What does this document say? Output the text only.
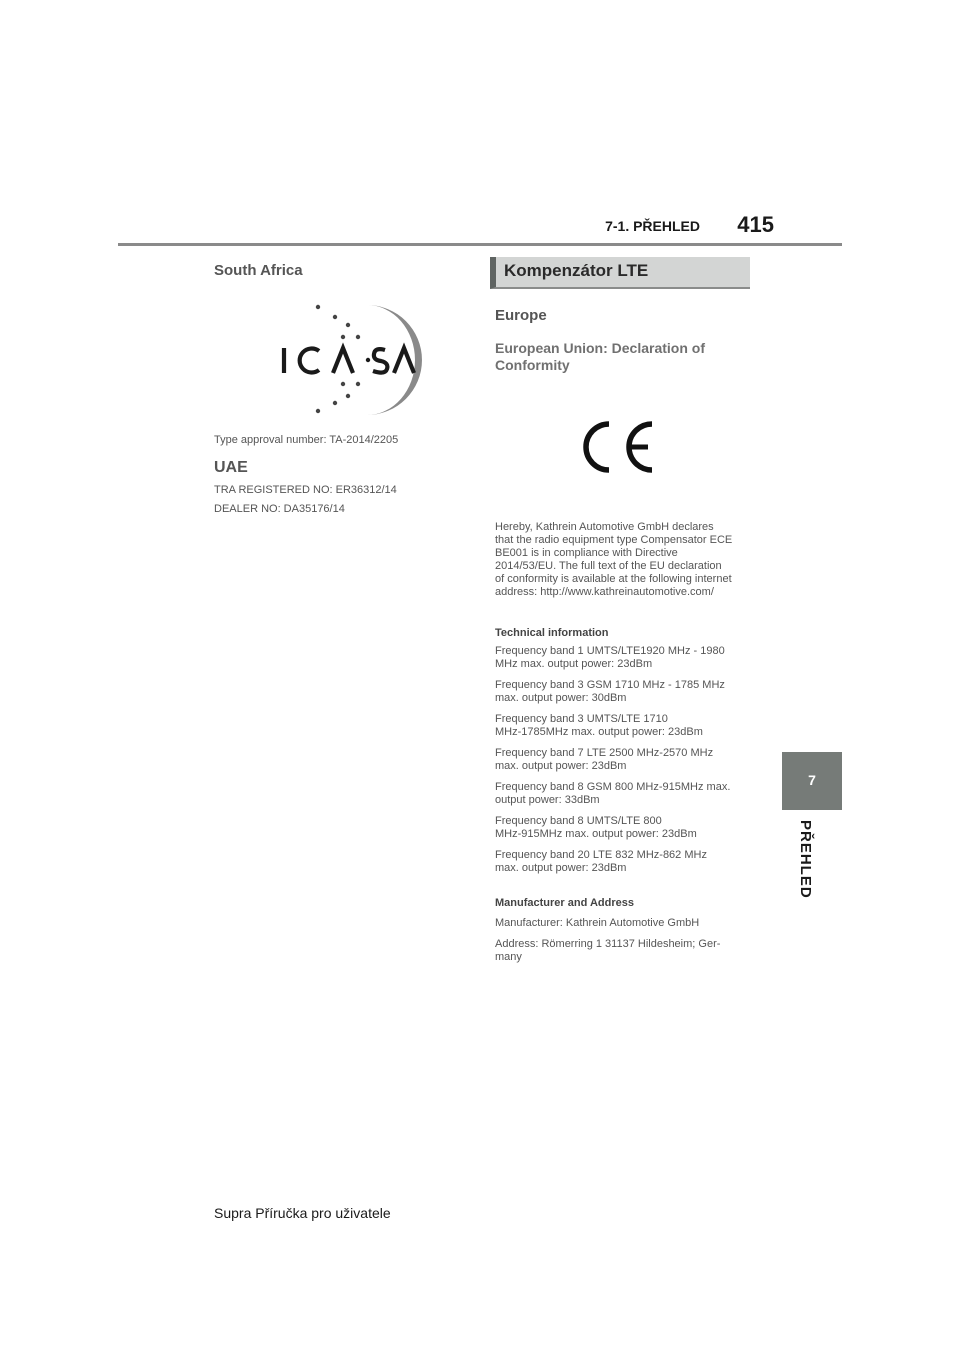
7-1. PŘEHLED	415
7
PŘEHLED
South Africa
Type approval number: TA-2014/2205
UAE
TRA REGISTERED NO: ER36312/14
DEALER NO: DA35176/14
Kompenzátor LTE
Europe
European Union: Declaration of Conformity
Hereby, Kathrein Automotive GmbH declares
that the radio equipment type Compensator ECE
BE001 is in compliance with Directive
2014/53/EU. The full text of the EU declaration
of conformity is available at the following internet
address: http://www.kathreinautomotive.com/
Technical information
Manufacturer and Address
Manufacturer: Kathrein Automotive GmbH
Address: Römerring 1 31137 Hildesheim; Ger-
many
Supra Příručka pro uživatele
Frequency band 1 UMTS/LTE1920 MHz - 1980
MHz max. output power: 23dBm
Frequency band 3 GSM 1710 MHz - 1785 MHz
max. output power: 30dBm
Frequency band 3 UMTS/LTE 1710
MHz-1785MHz max. output power: 23dBm
Frequency band 7 LTE 2500 MHz-2570 MHz
max. output power: 23dBm
Frequency band 8 GSM 800 MHz-915MHz max.
output power: 33dBm
Frequency band 8 UMTS/LTE 800
MHz-915MHz max. output power: 23dBm
Frequency band 20 LTE 832 MHz-862 MHz
max. output power: 23dBm
